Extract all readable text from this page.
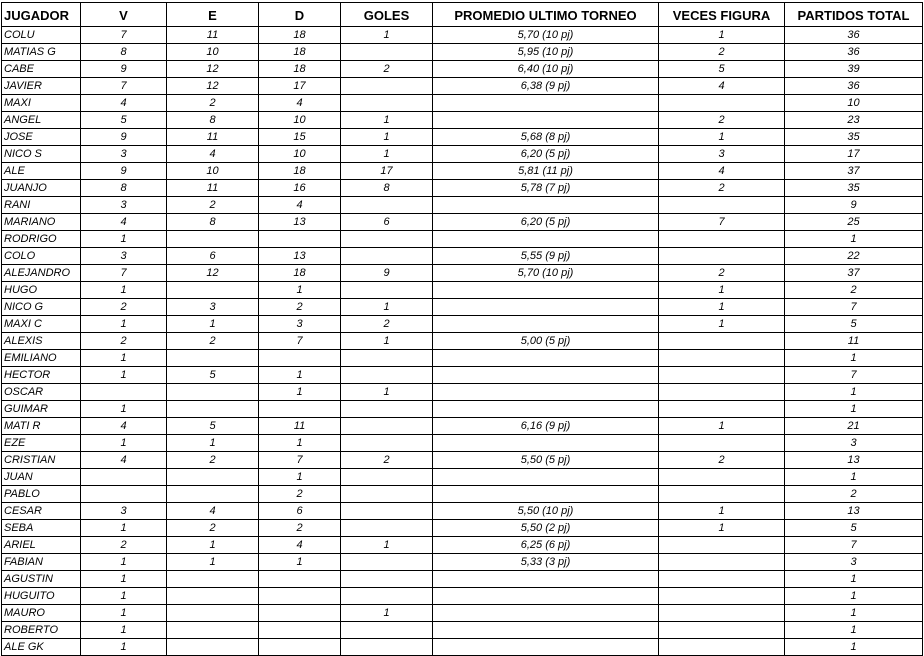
JUGADOR	V	E	D	GOLES	PROMEDIO ULTIMO TORNEO	VECES FIGURA	PARTIDOS TOTAL
COLU	7	11	18	1	5,70 (10 pj)	1	36
MATIAS G	8	10	18		5,95 (10 pj)	2	36
CABE	9	12	18	2	6,40 (10 pj)	5	39
JAVIER	7	12	17		6,38 (9 pj)	4	36
MAXI	4	2	4				10
ANGEL	5	8	10	1		2	23
JOSE	9	11	15	1	5,68 (8 pj)	1	35
NICO S	3	4	10	1	6,20 (5 pj)	3	17
ALE	9	10	18	17	5,81 (11 pj)	4	37
JUANJO	8	11	16	8	5,78 (7 pj)	2	35
RANI	3	2	4				9
MARIANO	4	8	13	6	6,20 (5 pj)	7	25
RODRIGO	1						1
COLO	3	6	13		5,55 (9 pj)		22
ALEJANDRO	7	12	18	9	5,70 (10 pj)	2	37
HUGO	1		1			1	2
NICO G	2	3	2	1		1	7
MAXI C	1	1	3	2		1	5
ALEXIS	2	2	7	1	5,00 (5 pj)		11
EMILIANO	1						1
HECTOR	1	5	1				7
OSCAR			1	1			1
GUIMAR	1						1
MATI R	4	5	11		6,16 (9 pj)	1	21
EZE	1	1	1				3
CRISTIAN	4	2	7	2	5,50 (5 pj)	2	13
JUAN			1				1
PABLO			2				2
CESAR	3	4	6		5,50 (10 pj)	1	13
SEBA	1	2	2		5,50 (2 pj)	1	5
ARIEL	2	1	4	1	6,25 (6 pj)		7
FABIAN	1	1	1		5,33 (3 pj)		3
AGUSTIN	1						1
HUGUITO	1						1
MAURO	1			1			1
ROBERTO	1						1
ALE GK	1						1
